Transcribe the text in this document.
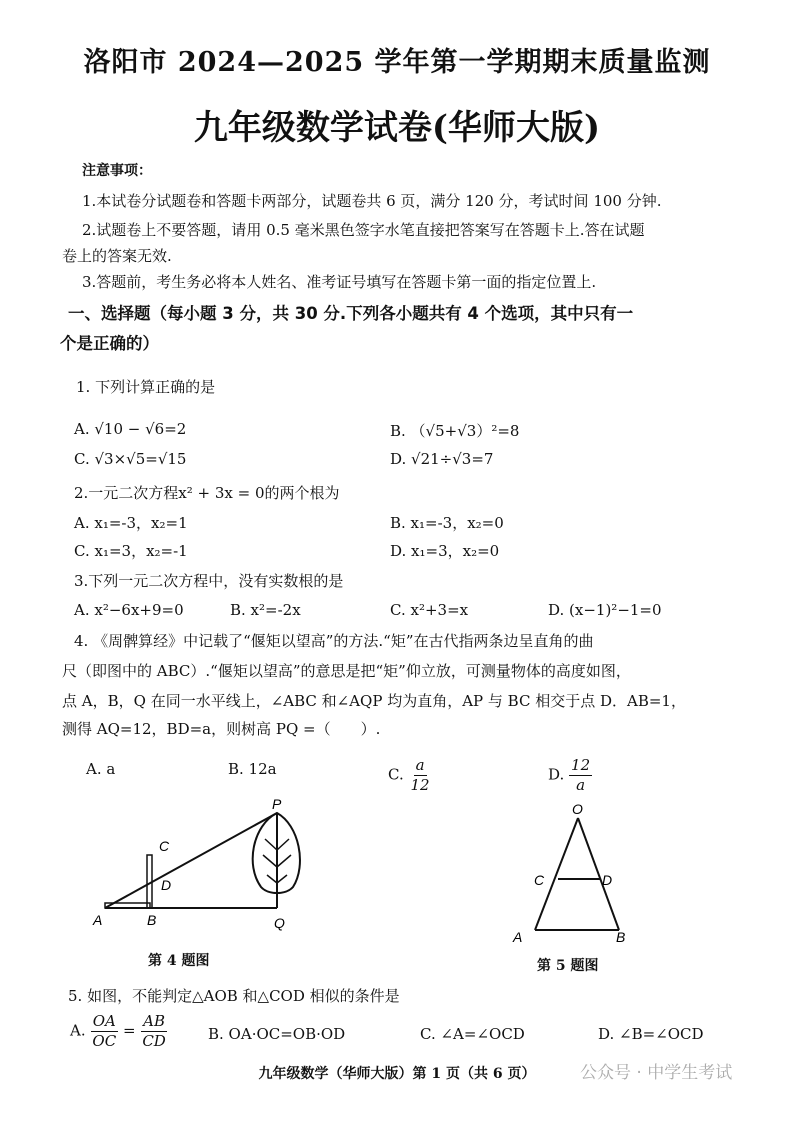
洛阳市 2024—2025 学年第一学期期末质量监测
九年级数学试卷(华师大版)
注意事项：
1.本试卷分试题卷和答题卡两部分，试题卷共 6 页，满分 120 分，考试时间 100 分钟.
2.试题卷上不要答题，请用 0.5 毫米黑色签字水笔直接把答案写在答题卡上.答在试题
卷上的答案无效.
3.答题前，考生务必将本人姓名、准考证号填写在答题卡第一面的指定位置上.
一、选择题（每小题 3 分，共 30 分.下列各小题共有 4 个选项，其中只有一
个是正确的）
1. 下列计算正确的是
A. √10 − √6=2	B. （√5+√3）²=8
C. √3×√5=√15	D. √21÷√3=7
2.一元二次方程x² + 3x = 0的两个根为
A. x₁=-3，x₂=1	B. x₁=-3，x₂=0
C. x₁=3，x₂=-1	D. x₁=3，x₂=0
3.下列一元二次方程中，没有实数根的是
A. x²−6x+9=0	B. x²=-2x	C. x²+3=x	D. (x−1)²−1=0
4. 《周髀算经》中记载了“偃矩以望高”的方法.“矩”在古代指两条边呈直角的曲
尺（即图中的 ABC）.“偃矩以望高”的意思是把“矩”仰立放，可测量物体的高度如图，
点 A，B，Q 在同一水平线上，∠ABC 和∠AQP 均为直角，AP 与 BC 相交于点 D．AB=1，
测得 AQ=12，BD=a，则树高 PQ =（　　）.
A. a	B. 12a	C. $\frac{a}{12}$	D. $\frac{12}{a}$
P
C
D
A	B	Q
第 4 题图
O
C	D
A	B
第 5 题图
5. 如图，不能判定△AOB 和△COD 相似的条件是
A. $\frac{OA}{OC} = \frac{AB}{CD}$	B. OA·OC=OB·OD	C. ∠A=∠OCD	D. ∠B=∠OCD
九年级数学（华师大版）第 1 页（共 6 页）	公众号 · 中学生考试
